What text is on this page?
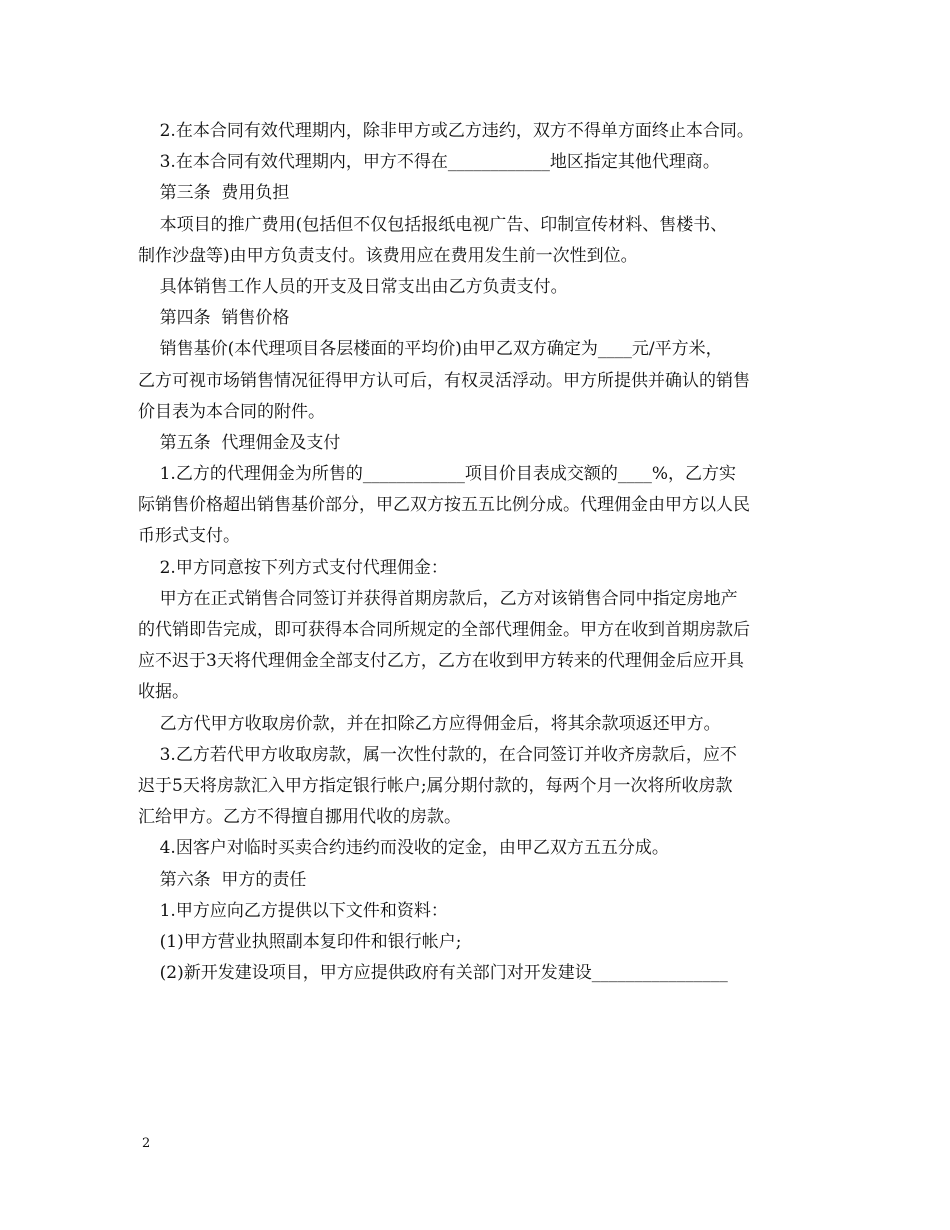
2.在本合同有效代理期内，除非甲方或乙方违约，双方不得单方面终止本合同。
3.在本合同有效代理期内，甲方不得在____________地区指定其他代理商。
第三条  费用负担
本项目的推广费用(包括但不仅包括报纸电视广告、印制宣传材料、售楼书、
制作沙盘等)由甲方负责支付。该费用应在费用发生前一次性到位。
具体销售工作人员的开支及日常支出由乙方负责支付。
第四条  销售价格
销售基价(本代理项目各层楼面的平均价)由甲乙双方确定为____元/平方米，
乙方可视市场销售情况征得甲方认可后，有权灵活浮动。甲方所提供并确认的销售
价目表为本合同的附件。
第五条  代理佣金及支付
1.乙方的代理佣金为所售的____________项目价目表成交额的____%，乙方实
际销售价格超出销售基价部分，甲乙双方按五五比例分成。代理佣金由甲方以人民
币形式支付。
2.甲方同意按下列方式支付代理佣金：
甲方在正式销售合同签订并获得首期房款后，乙方对该销售合同中指定房地产
的代销即告完成，即可获得本合同所规定的全部代理佣金。甲方在收到首期房款后
应不迟于3天将代理佣金全部支付乙方，乙方在收到甲方转来的代理佣金后应开具
收据。
乙方代甲方收取房价款，并在扣除乙方应得佣金后，将其余款项返还甲方。
3.乙方若代甲方收取房款，属一次性付款的，在合同签订并收齐房款后，应不
迟于5天将房款汇入甲方指定银行帐户;属分期付款的，每两个月一次将所收房款
汇给甲方。乙方不得擅自挪用代收的房款。
4.因客户对临时买卖合约违约而没收的定金，由甲乙双方五五分成。
第六条  甲方的责任
1.甲方应向乙方提供以下文件和资料：
(1)甲方营业执照副本复印件和银行帐户;
(2)新开发建设项目，甲方应提供政府有关部门对开发建设________________
2
